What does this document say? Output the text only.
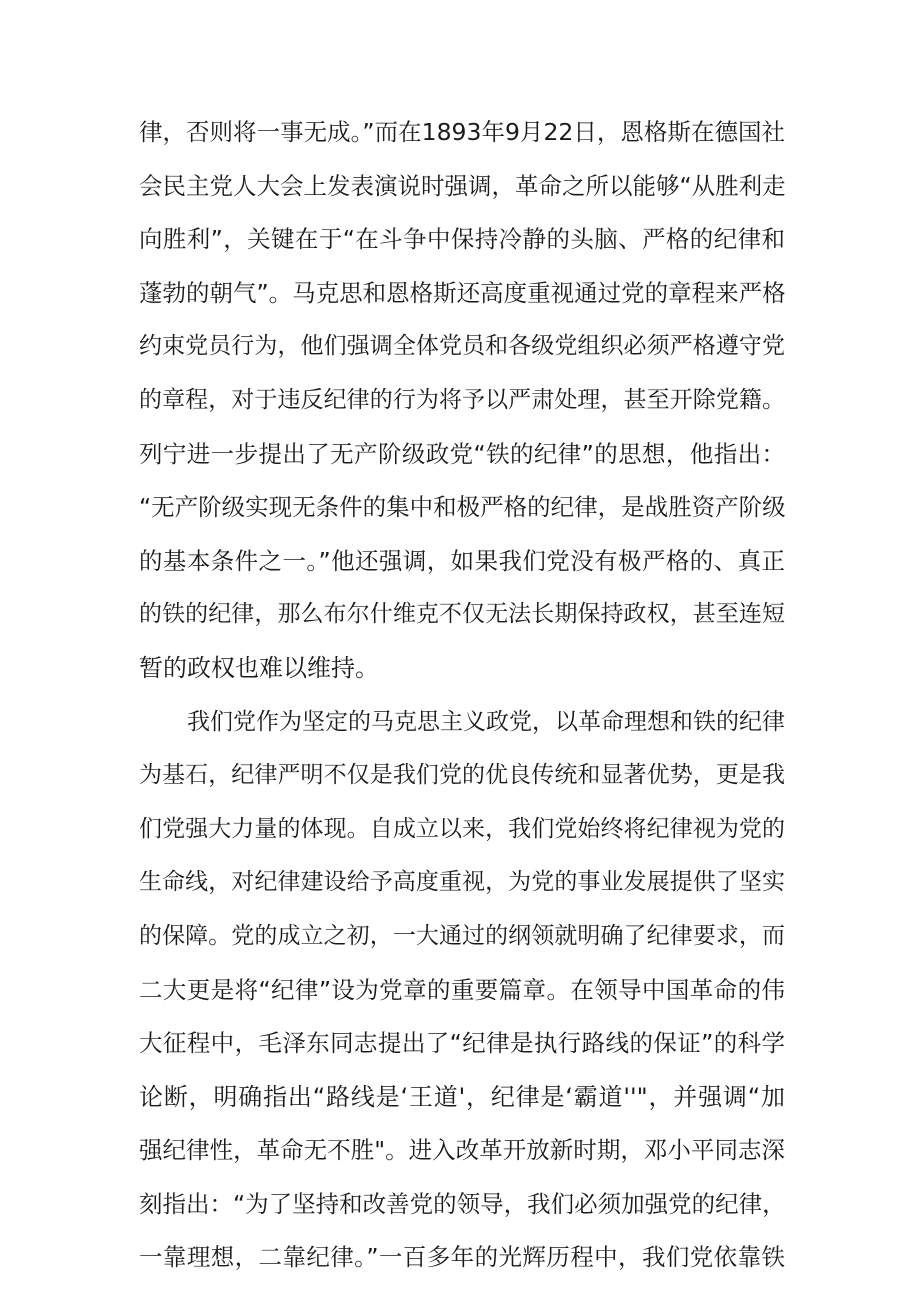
律，否则将一事无成。”而在1893年9月22日，恩格斯在德国社
会民主党人大会上发表演说时强调，革命之所以能够“从胜利走
向胜利”，关键在于“在斗争中保持冷静的头脑、严格的纪律和
蓬勃的朝气”。马克思和恩格斯还高度重视通过党的章程来严格
约束党员行为，他们强调全体党员和各级党组织必须严格遵守党
的章程，对于违反纪律的行为将予以严肃处理，甚至开除党籍。
列宁进一步提出了无产阶级政党“铁的纪律”的思想，他指出：
“无产阶级实现无条件的集中和极严格的纪律，是战胜资产阶级
的基本条件之一。”他还强调，如果我们党没有极严格的、真正
的铁的纪律，那么布尔什维克不仅无法长期保持政权，甚至连短
暂的政权也难以维持。
我们党作为坚定的马克思主义政党，以革命理想和铁的纪律
为基石，纪律严明不仅是我们党的优良传统和显著优势，更是我
们党强大力量的体现。自成立以来，我们党始终将纪律视为党的
生命线，对纪律建设给予高度重视，为党的事业发展提供了坚实
的保障。党的成立之初，一大通过的纲领就明确了纪律要求，而
二大更是将“纪律”设为党章的重要篇章。在领导中国革命的伟
大征程中，毛泽东同志提出了“纪律是执行路线的保证”的科学
论断，明确指出“路线是‘王道'，纪律是‘霸道''"，并强调“加
强纪律性，革命无不胜"。进入改革开放新时期，邓小平同志深
刻指出：“为了坚持和改善党的领导，我们必须加强党的纪律，
一靠理想，二靠纪律。”一百多年的光辉历程中，我们党依靠铁
